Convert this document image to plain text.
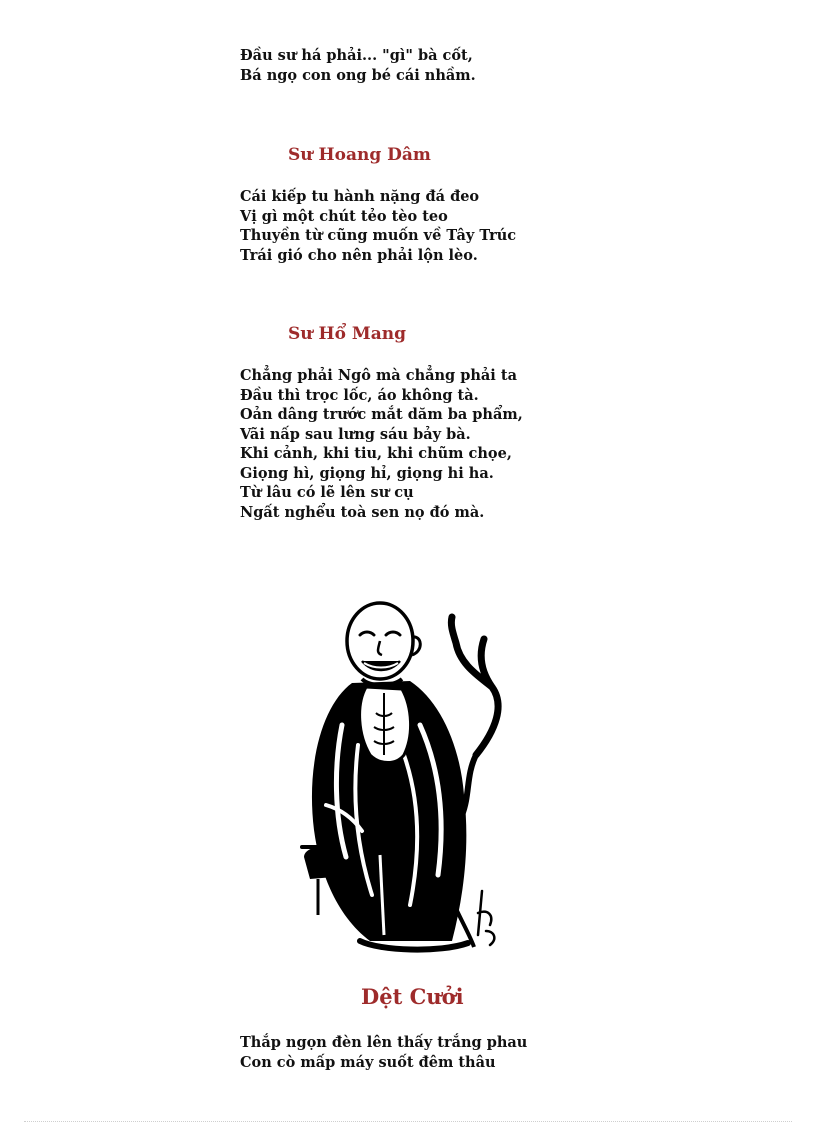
Đầu sư há phải... "gì" bà cốt,
Bá ngọ con ong bé cái nhầm.
Sư Hoang Dâm
Cái kiếp tu hành nặng đá đeo
Vị gì một chút tẻo tèo teo
Thuyền từ cũng muốn về Tây Trúc
Trái gió cho nên phải lộn lèo.
Sư Hổ Mang
Chẳng phải Ngô mà chẳng phải ta
Đầu thì trọc lốc, áo không tà.
Oản dâng trước mắt dăm ba phẩm,
Vãi nấp sau lưng sáu bảy bà.
Khi cảnh, khi tiu, khi chũm chọe,
Giọng hì, giọng hỉ, giọng hi ha.
Từ lâu có lẽ lên sư cụ
Ngất nghểu toà sen nọ đó mà.
Dệt Cưởi
Thắp ngọn đèn lên thấy trắng phau
Con cò mấp máy suốt đêm thâu
